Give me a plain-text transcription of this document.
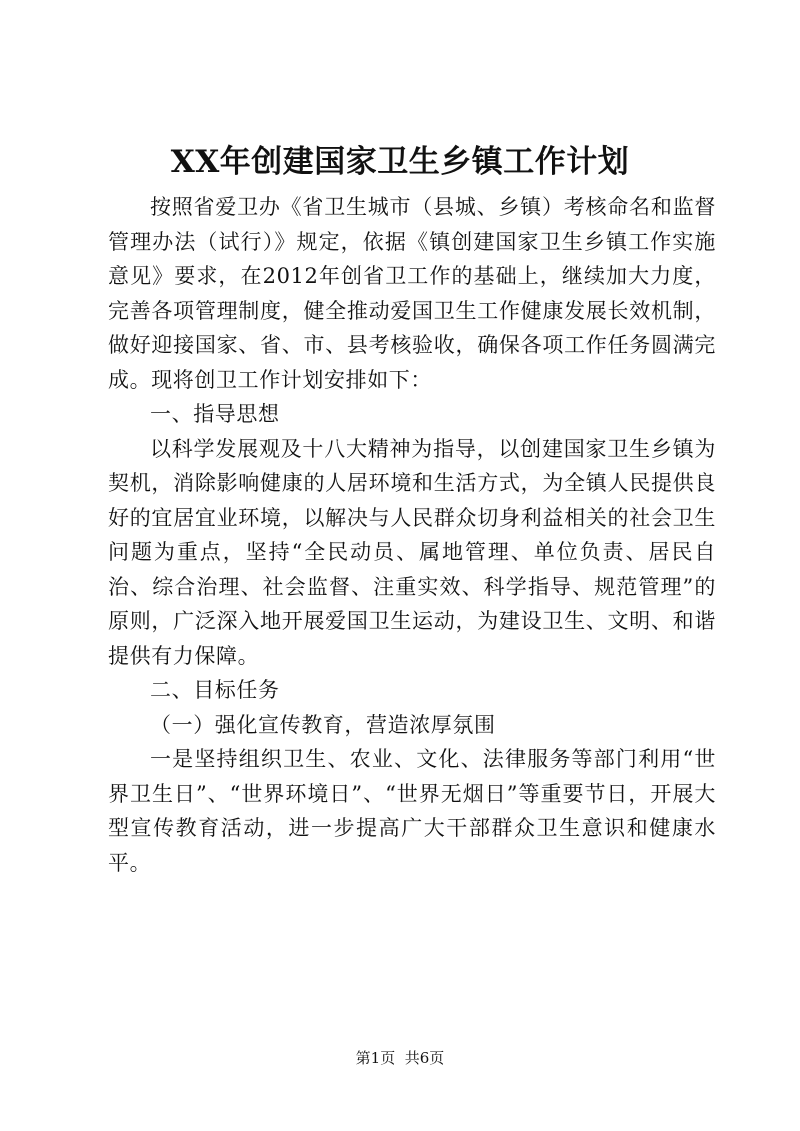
XX年创建国家卫生乡镇工作计划

按照省爱卫办《省卫生城市（县城、乡镇）考核命名和监督管理办法（试行）》规定，依据《镇创建国家卫生乡镇工作实施意见》要求，在2012年创省卫工作的基础上，继续加大力度，完善各项管理制度，健全推动爱国卫生工作健康发展长效机制，做好迎接国家、省、市、县考核验收，确保各项工作任务圆满完成。现将创卫工作计划安排如下：

一、指导思想

以科学发展观及十八大精神为指导，以创建国家卫生乡镇为契机，消除影响健康的人居环境和生活方式，为全镇人民提供良好的宜居宜业环境，以解决与人民群众切身利益相关的社会卫生问题为重点，坚持“全民动员、属地管理、单位负责、居民自治、综合治理、社会监督、注重实效、科学指导、规范管理”的原则，广泛深入地开展爱国卫生运动，为建设卫生、文明、和谐提供有力保障。

二、目标任务

（一）强化宣传教育，营造浓厚氛围

一是坚持组织卫生、农业、文化、法律服务等部门利用“世界卫生日”、“世界环境日”、“世界无烟日”等重要节日，开展大型宣传教育活动，进一步提高广大干部群众卫生意识和健康水平。

第1页 共6页
